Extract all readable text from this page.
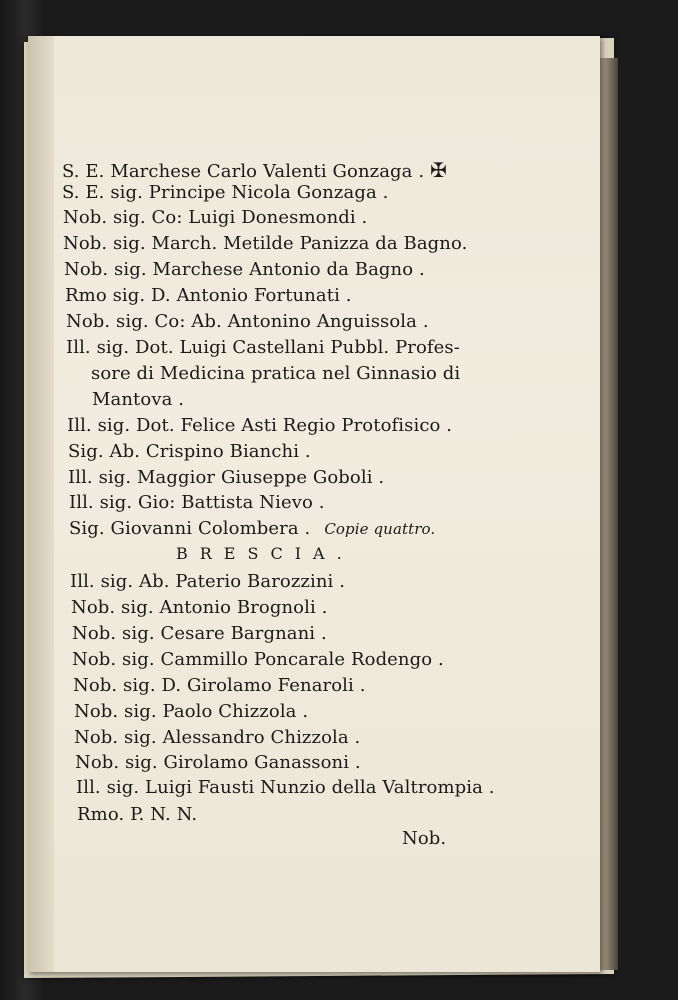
S. E. Marchese Carlo Valenti Gonzaga . ✠
S. E. sig. Principe Nicola Gonzaga .
Nob. sig. Co: Luigi Donesmondi .
Nob. sig. March. Metilde Panizza da Bagno.
Nob. sig. Marchese Antonio da Bagno .
Rmo sig. D. Antonio Fortunati .
Nob. sig. Co: Ab. Antonino Anguissola .
Ill. sig. Dot. Luigi Castellani Pubbl. Profes-
sore di Medicina pratica nel Ginnasio di
Mantova .
Ill. sig. Dot. Felice Asti Regio Protofisico .
Sig. Ab. Crispino Bianchi .
Ill. sig. Maggior Giuseppe Goboli .
Ill. sig. Gio: Battista Nievo .
Sig. Giovanni Colombera . Copie quattro.
BRESCIA.
Ill. sig. Ab. Paterio Barozzini .
Nob. sig. Antonio Brognoli .
Nob. sig. Cesare Bargnani .
Nob. sig. Cammillo Poncarale Rodengo .
Nob. sig. D. Girolamo Fenaroli .
Nob. sig. Paolo Chizzola .
Nob. sig. Alessandro Chizzola .
Nob. sig. Girolamo Ganassoni .
Ill. sig. Luigi Fausti Nunzio della Valtrompia .
Rmo. P. N. N.
Nob.
